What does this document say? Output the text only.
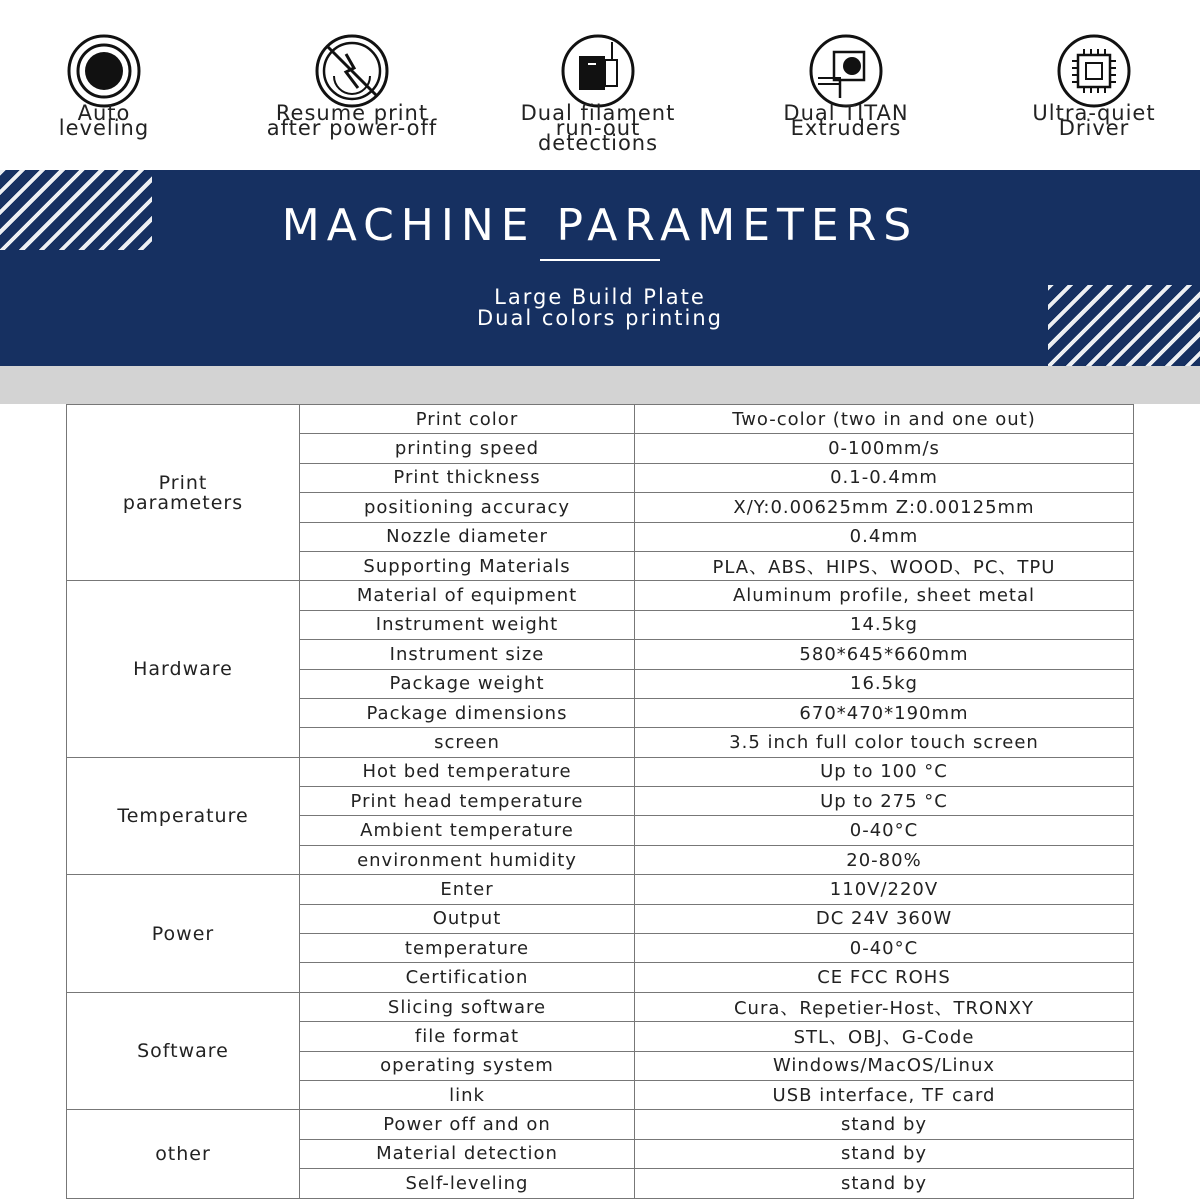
Auto
leveling
Resume print
after power-off
Dual filament
run-out
detections
Dual TITAN
Extruders
Ultra-quiet
Driver
MACHINE PARAMETERS
Large Build Plate
Dual colors printing
Print
parameters	Print color	Two-color (two in and one out)
	printing speed	0-100mm/s
	Print thickness	0.1-0.4mm
	positioning accuracy	X/Y:0.00625mm Z:0.00125mm
	Nozzle diameter	0.4mm
	Supporting Materials	PLA、ABS、HIPS、WOOD、PC、TPU
Hardware	Material of equipment	Aluminum profile, sheet metal
	Instrument weight	14.5kg
	Instrument size	580*645*660mm
	Package weight	16.5kg
	Package dimensions	670*470*190mm
	screen	3.5 inch full color touch screen
Temperature	Hot bed temperature	Up to 100 °C
	Print head temperature	Up to 275 °C
	Ambient temperature	0-40°C
	environment humidity	20-80%
Power	Enter	110V/220V
	Output	DC 24V 360W
	temperature	0-40°C
	Certification	CE FCC ROHS
Software	Slicing software	Cura、Repetier-Host、TRONXY
	file format	STL、OBJ、G-Code
	operating system	Windows/MacOS/Linux
	link	USB interface, TF card
other	Power off and on	stand by
	Material detection	stand by
	Self-leveling	stand by
